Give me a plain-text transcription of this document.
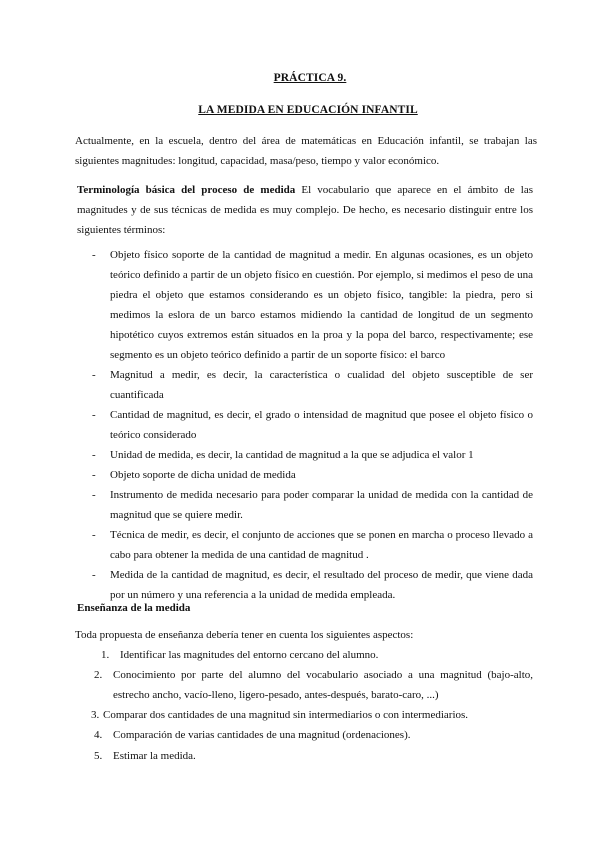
PRÁCTICA 9.
LA MEDIDA EN EDUCACIÓN INFANTIL
Actualmente, en la escuela, dentro del área de matemáticas en Educación infantil, se trabajan las siguientes magnitudes: longitud, capacidad, masa/peso, tiempo y valor económico.
Terminología básica del proceso de medida El vocabulario que aparece en el ámbito de las magnitudes y de sus técnicas de medida es muy complejo. De hecho, es necesario distinguir entre los siguientes términos:
- Objeto físico soporte de la cantidad de magnitud a medir. En algunas ocasiones, es un objeto teórico definido a partir de un objeto físico en cuestión. Por ejemplo, si medimos el peso de una piedra el objeto que estamos considerando es un objeto físico, tangible: la piedra, pero si medimos la eslora de un barco estamos midiendo la cantidad de longitud de un segmento hipotético cuyos extremos están situados en la proa y la popa del barco, respectivamente; ese segmento es un objeto teórico definido a partir de un soporte físico: el barco
- Magnitud a medir, es decir, la característica o cualidad del objeto susceptible de ser cuantificada
- Cantidad de magnitud, es decir, el grado o intensidad de magnitud que posee el objeto físico o teórico considerado
- Unidad de medida, es decir, la cantidad de magnitud a la que se adjudica el valor 1
- Objeto soporte de dicha unidad de medida
- Instrumento de medida necesario para poder comparar la unidad de medida con la cantidad de magnitud que se quiere medir.
- Técnica de medir, es decir, el conjunto de acciones que se ponen en marcha o proceso llevado a cabo para obtener la medida de una cantidad de magnitud .
- Medida de la cantidad de magnitud, es decir, el resultado del proceso de medir, que viene dada por un número y una referencia a la unidad de medida empleada.
Enseñanza de la medida
Toda propuesta de enseñanza debería tener en cuenta los siguientes aspectos:
1. Identificar las magnitudes del entorno cercano del alumno.
2. Conocimiento por parte del alumno del vocabulario asociado a una magnitud (bajo-alto, estrecho ancho, vacío-lleno, ligero-pesado, antes-después, barato-caro, ...)
3. Comparar dos cantidades de una magnitud sin intermediarios o con intermediarios.
4. Comparación de varias cantidades de una magnitud (ordenaciones).
5. Estimar la medida.
